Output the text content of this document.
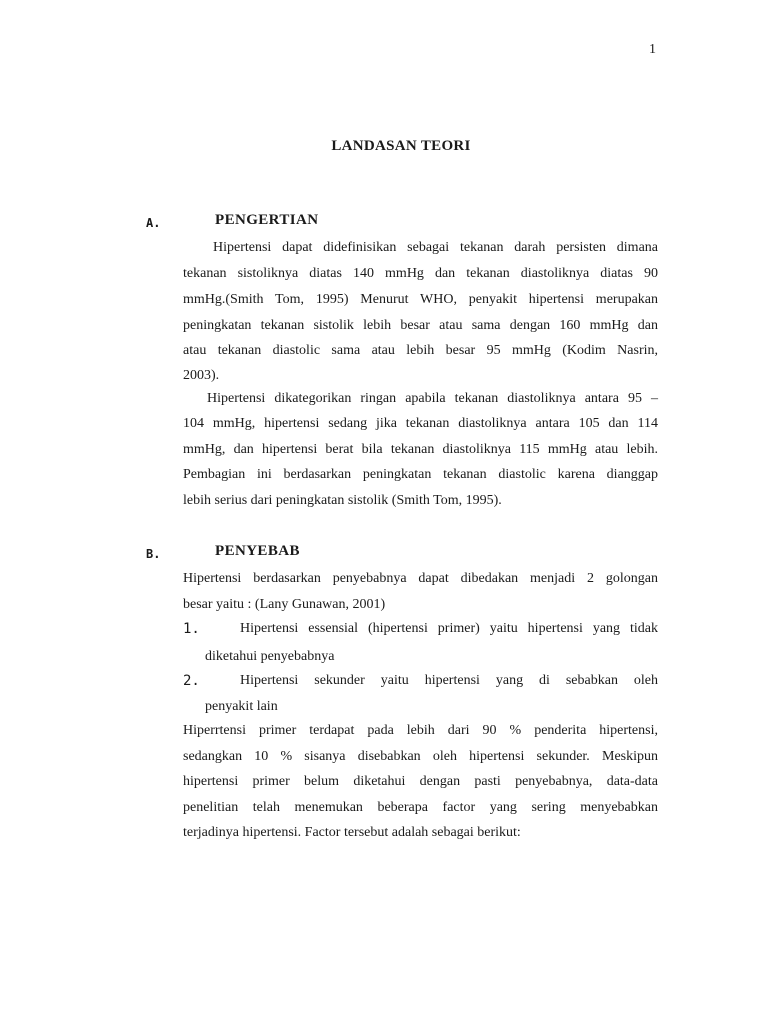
1
LANDASAN TEORI
A.	PENGERTIAN
Hipertensi dapat didefinisikan sebagai tekanan darah persisten dimana
tekanan sistoliknya diatas 140 mmHg dan tekanan diastoliknya diatas 90
mmHg.(Smith Tom, 1995) Menurut WHO, penyakit hipertensi merupakan
peningkatan tekanan sistolik lebih besar atau sama dengan 160 mmHg dan
atau tekanan diastolic sama atau lebih besar 95 mmHg (Kodim Nasrin,
2003).
Hipertensi dikategorikan ringan apabila tekanan diastoliknya antara 95 –
104 mmHg, hipertensi sedang jika tekanan diastoliknya antara 105 dan 114
mmHg, dan hipertensi berat bila tekanan diastoliknya 115 mmHg atau lebih.
Pembagian ini berdasarkan peningkatan tekanan diastolic karena dianggap
lebih serius dari peningkatan sistolik (Smith Tom, 1995).
B.	PENYEBAB
Hipertensi berdasarkan penyebabnya dapat dibedakan menjadi 2 golongan
besar yaitu : (Lany Gunawan, 2001)
1.	Hipertensi essensial (hipertensi primer) yaitu hipertensi yang tidak
diketahui penyebabnya
2.	Hipertensi sekunder yaitu hipertensi yang di sebabkan oleh
penyakit lain
Hiperrtensi primer terdapat pada lebih dari 90 % penderita hipertensi,
sedangkan 10 % sisanya disebabkan oleh hipertensi sekunder. Meskipun
hipertensi primer belum diketahui dengan pasti penyebabnya, data-data
penelitian telah menemukan beberapa factor yang sering menyebabkan
terjadinya hipertensi. Factor tersebut adalah sebagai berikut:
